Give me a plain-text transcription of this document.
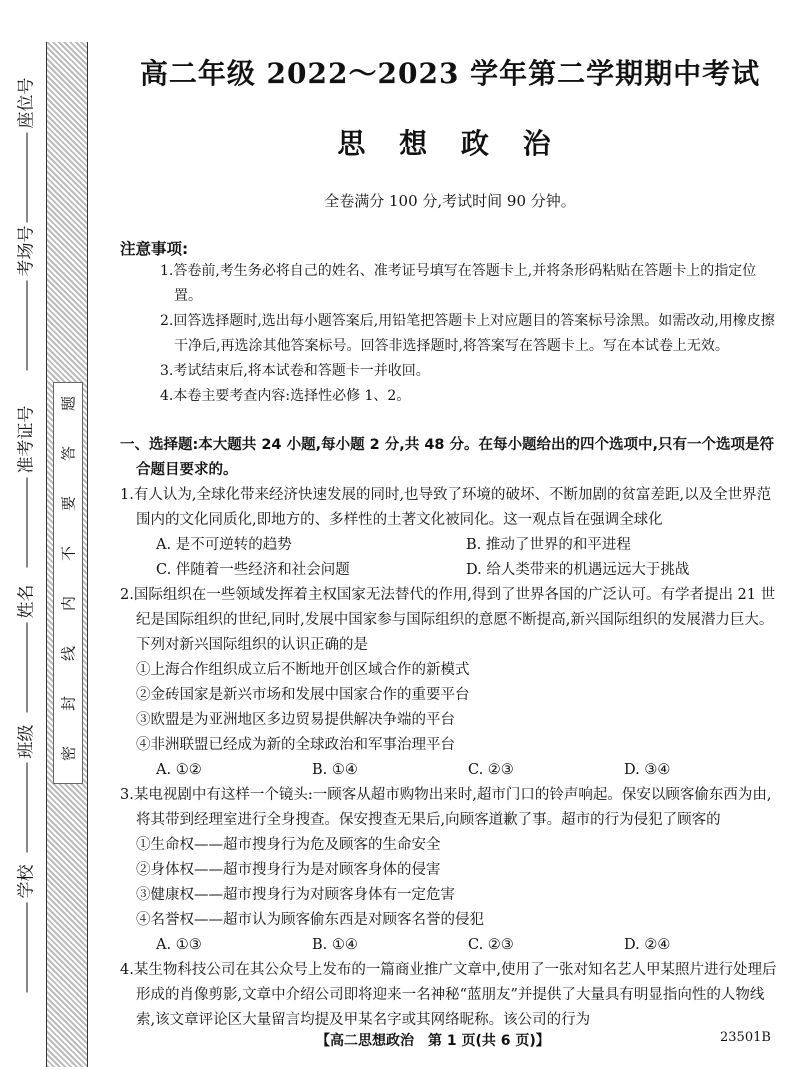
座位号
考场号
准考证号
姓名
班级
学校
题
答
要
不
内
线
封
密
高二年级 2022～2023 学年第二学期期中考试
思 想 政 治
全卷满分 100 分,考试时间 90 分钟。
注意事项:

1.答卷前,考生务必将自己的姓名、准考证号填写在答题卡上,并将条形码粘贴在答题卡上的指定位置。

2.回答选择题时,选出每小题答案后,用铅笔把答题卡上对应题目的答案标号涂黑。如需改动,用橡皮擦干净后,再选涂其他答案标号。回答非选择题时,将答案写在答题卡上。写在本试卷上无效。

3.考试结束后,将本试卷和答题卡一并收回。

4.本卷主要考查内容:选择性必修 1、2。

一、选择题:本大题共 24 小题,每小题 2 分,共 48 分。在每小题给出的四个选项中,只有一个选项是符合题目要求的。

1.有人认为,全球化带来经济快速发展的同时,也导致了环境的破坏、不断加剧的贫富差距,以及全世界范围内的文化同质化,即地方的、多样性的土著文化被同化。这一观点旨在强调全球化

A. 是不可逆转的趋势	B. 推动了世界的和平进程
C. 伴随着一些经济和社会问题	D. 给人类带来的机遇远远大于挑战

2.国际组织在一些领域发挥着主权国家无法替代的作用,得到了世界各国的广泛认可。有学者提出 21 世纪是国际组织的世纪,同时,发展中国家参与国际组织的意愿不断提高,新兴国际组织的发展潜力巨大。下列对新兴国际组织的认识正确的是

①上海合作组织成立后不断地开创区域合作的新模式

②金砖国家是新兴市场和发展中国家合作的重要平台

③欧盟是为亚洲地区多边贸易提供解决争端的平台

④非洲联盟已经成为新的全球政治和军事治理平台

A. ①②	B. ①④	C. ②③	D. ③④

3.某电视剧中有这样一个镜头:一顾客从超市购物出来时,超市门口的铃声响起。保安以顾客偷东西为由,将其带到经理室进行全身搜查。保安搜查无果后,向顾客道歉了事。超市的行为侵犯了顾客的

①生命权——超市搜身行为危及顾客的生命安全

②身体权——超市搜身行为是对顾客身体的侵害

③健康权——超市搜身行为对顾客身体有一定危害

④名誉权——超市认为顾客偷东西是对顾客名誉的侵犯

A. ①③	B. ①④	C. ②③	D. ②④

4.某生物科技公司在其公众号上发布的一篇商业推广文章中,使用了一张对知名艺人甲某照片进行处理后形成的肖像剪影,文章中介绍公司即将迎来一名神秘“蓝朋友”并提供了大量具有明显指向性的人物线索,该文章评论区大量留言均提及甲某名字或其网络昵称。该公司的行为

【高二思想政治　第 1 页(共 6 页)】	23501B
